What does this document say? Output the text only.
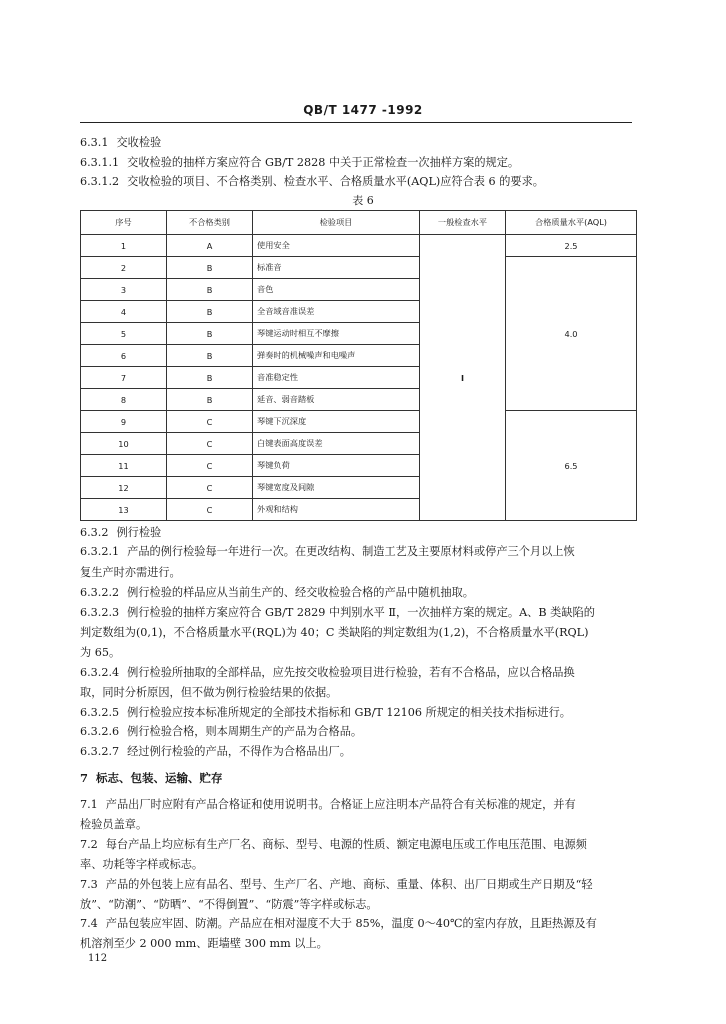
QB/T 1477 -1992
6.3.1 交收检验
6.3.1.1 交收检验的抽样方案应符合 GB/T 2828 中关于正常检查一次抽样方案的规定。
6.3.1.2 交收检验的项目、不合格类别、检查水平、合格质量水平(AQL)应符合表 6 的要求。
表 6
序号	不合格类别	检验项目	一般检查水平	合格质量水平(AQL)
1	A	使用安全	I	2.5
2	B	标准音		4.0
3	B	音色		
4	B	全音域音准误差		
5	B	琴键运动时相互不摩擦		
6	B	弹奏时的机械噪声和电噪声		
7	B	音准稳定性		
8	B	延音、弱音踏板		
9	C	琴键下沉深度		6.5
10	C	白键表面高度误差		
11	C	琴键负荷		
12	C	琴键宽度及间隙		
13	C	外观和结构		
6.3.2 例行检验
6.3.2.1 产品的例行检验每一年进行一次。在更改结构、制造工艺及主要原材料或停产三个月以上恢
复生产时亦需进行。
6.3.2.2 例行检验的样品应从当前生产的、经交收检验合格的产品中随机抽取。
6.3.2.3 例行检验的抽样方案应符合 GB/T 2829 中判别水平 Ⅱ，一次抽样方案的规定。A、B 类缺陷的
判定数组为(0,1)，不合格质量水平(RQL)为 40；C 类缺陷的判定数组为(1,2)，不合格质量水平(RQL)
为 65。
6.3.2.4 例行检验所抽取的全部样品，应先按交收检验项目进行检验，若有不合格品，应以合格品换
取，同时分析原因，但不做为例行检验结果的依据。
6.3.2.5 例行检验应按本标准所规定的全部技术指标和 GB/T 12106 所规定的相关技术指标进行。
6.3.2.6 例行检验合格，则本周期生产的产品为合格品。
6.3.2.7 经过例行检验的产品，不得作为合格品出厂。
7 标志、包装、运输、贮存
7.1 产品出厂时应附有产品合格证和使用说明书。合格证上应注明本产品符合有关标准的规定，并有
检验员盖章。
7.2 每台产品上均应标有生产厂名、商标、型号、电源的性质、额定电源电压或工作电压范围、电源频
率、功耗等字样或标志。
7.3 产品的外包装上应有品名、型号、生产厂名、产地、商标、重量、体积、出厂日期或生产日期及“轻
放”、“防潮”、“防晒”、“不得倒置”、“防震”等字样或标志。
7.4 产品包装应牢固、防潮。产品应在相对湿度不大于 85%，温度 0～40℃的室内存放，且距热源及有
机溶剂至少 2 000 mm、距墙壁 300 mm 以上。
112
